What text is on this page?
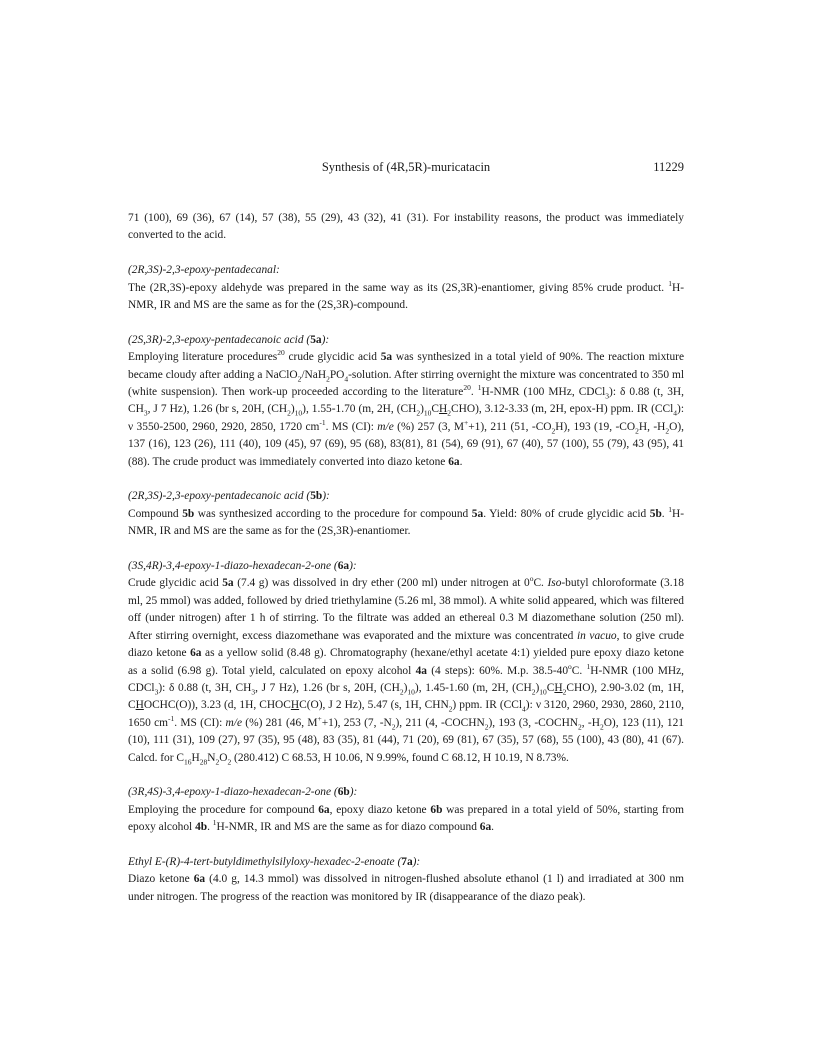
Synthesis of (4R,5R)-muricatacin	11229

71 (100), 69 (36), 67 (14), 57 (38), 55 (29), 43 (32), 41 (31). For instability reasons, the product was immediately converted to the acid.

(2R,3S)-2,3-epoxy-pentadecanal:

The (2R,3S)-epoxy aldehyde was prepared in the same way as its (2S,3R)-enantiomer, giving 85% crude product. $^1$H-NMR, IR and MS are the same as for the (2S,3R)-compound.

(2S,3R)-2,3-epoxy-pentadecanoic acid (5a):

Employing literature procedures$^{20}$ crude glycidic acid 5a was synthesized in a total yield of 90%. The reaction mixture became cloudy after adding a $NaClO_2/NaH_2PO_4$-solution. After stirring overnight the mixture was concentrated to 350 ml (white suspension). Then work-up proceeded according to the literature$^{20}$. $^1$H-NMR (100 MHz, CDCl$_3$): δ 0.88 (t, 3H, $CH_3$, J 7 Hz), 1.26 (br s, 20H, $(CH_2)_{10}$), 1.55-1.70 (m, 2H, $(CH_2)_{10}CH_2CHO$), 3.12-3.33 (m, 2H, epox-H) ppm. IR (CCl$_4$): ν 3550-2500, 2960, 2920, 2850, 1720 $cm^{-1}$. MS (CI): m/e (%) 257 (3, M++1), 211 (51, $-CO_2H$), 193 (19, $-CO_2H$, $-H_2O$), 137 (16), 123 (26), 111 (40), 109 (45), 97 (69), 95 (68), 83(81), 81 (54), 69 (91), 67 (40), 57 (100), 55 (79), 43 (95), 41 (88). The crude product was immediately converted into diazo ketone 6a.

(2R,3S)-2,3-epoxy-pentadecanoic acid (5b):

Compound 5b was synthesized according to the procedure for compound 5a. Yield: 80% of crude glycidic acid 5b. $^1$H-NMR, IR and MS are the same as for the (2S,3R)-enantiomer.

(3S,4R)-3,4-epoxy-1-diazo-hexadecan-2-one (6a):

Crude glycidic acid 5a (7.4 g) was dissolved in dry ether (200 ml) under nitrogen at 0$^o$C. Iso-butyl chloroformate (3.18 ml, 25 mmol) was added, followed by dried triethylamine (5.26 ml, 38 mmol). A white solid appeared, which was filtered off (under nitrogen) after 1 h of stirring. To the filtrate was added an ethereal 0.3 M diazomethane solution (250 ml). After stirring overnight, excess diazomethane was evaporated and the mixture was concentrated in vacuo, to give crude diazo ketone 6a as a yellow solid (8.48 g). Chromatography (hexane/ethyl acetate 4:1) yielded pure epoxy diazo ketone as a solid (6.98 g). Total yield, calculated on epoxy alcohol 4a (4 steps): 60%. M.p. 38.5-40$^o$C. $^1$H-NMR (100 MHz, CDCl$_3$): δ 0.88 (t, 3H, $CH_3$, J 7 Hz), 1.26 (br s, 20H, $(CH_2)_{10}$), 1.45-1.60 (m, 2H, $(CH_2)_{10}CH_2CHO$), 2.90-3.02 (m, 1H, CHOCHC(O)), 3.23 (d, 1H, CHOCHC(O), J 2 Hz), 5.47 (s, 1H, $CHN_2$) ppm. IR (CCl$_4$): ν 3120, 2960, 2930, 2860, 2110, 1650 $cm^{-1}$. MS (CI): m/e (%) 281 (46, M++1), 253 (7, $-N_2$), 211 (4, $-COCHN_2$), 193 (3, $-COCHN_2$, $-H_2O$), 123 (11), 121 (10), 111 (31), 109 (27), 97 (35), 95 (48), 83 (35), 81 (44), 71 (20), 69 (81), 67 (35), 57 (68), 55 (100), 43 (80), 41 (67). Calcd. for $C_{16}H_{28}N_2O_2$ (280.412) C 68.53, H 10.06, N 9.99%, found C 68.12, H 10.19, N 8.73%.

(3R,4S)-3,4-epoxy-1-diazo-hexadecan-2-one (6b):

Employing the procedure for compound 6a, epoxy diazo ketone 6b was prepared in a total yield of 50%, starting from epoxy alcohol 4b. $^1$H-NMR, IR and MS are the same as for diazo compound 6a.

Ethyl E-(R)-4-tert-butyldimethylsilyloxy-hexadec-2-enoate (7a):

Diazo ketone 6a (4.0 g, 14.3 mmol) was dissolved in nitrogen-flushed absolute ethanol (1 l) and irradiated at 300 nm under nitrogen. The progress of the reaction was monitored by IR (disappearance of the diazo peak).
